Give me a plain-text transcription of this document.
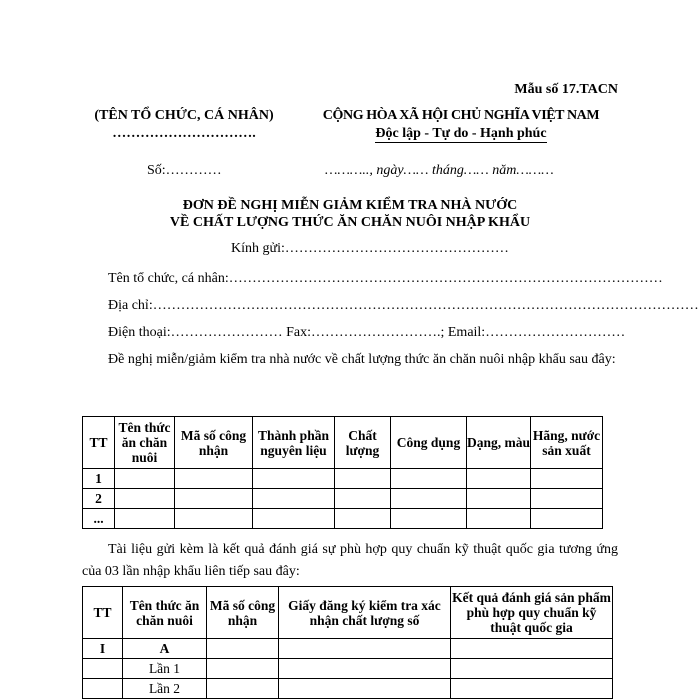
Mẫu số 17.TACN
(TÊN TỔ CHỨC, CÁ NHÂN)
………………………….
CỘNG HÒA XÃ HỘI CHỦ NGHĨA VIỆT NAM
Độc lập - Tự do - Hạnh phúc
Số:…………	……….., ngày…… tháng…… năm………
ĐƠN ĐỀ NGHỊ MIỄN GIẢM KIỂM TRA NHÀ NƯỚC
VỀ CHẤT LƯỢNG THỨC ĂN CHĂN NUÔI NHẬP KHẨU
Kính gửi:…………………………………………
Tên tổ chức, cá nhân:…………………………………………………………………………………
Địa chỉ:………………………………………………………………………………………………………
Điện thoại:…………………… Fax:……………………….; Email:…………………………
Đề nghị miễn/giảm kiểm tra nhà nước về chất lượng thức ăn chăn nuôi nhập khẩu sau đây:
TT	Tên thức ăn chăn nuôi	Mã số công nhận	Thành phần nguyên liệu	Chất lượng	Công dụng	Dạng, màu	Hãng, nước sản xuất
1							
2							
...							
Tài liệu gửi kèm là kết quả đánh giá sự phù hợp quy chuẩn kỹ thuật quốc gia tương ứng của 03 lần nhập khẩu liên tiếp sau đây:
TT	Tên thức ăn chăn nuôi	Mã số công nhận	Giấy đăng ký kiểm tra xác nhận chất lượng số	Kết quả đánh giá sản phẩm phù hợp quy chuẩn kỹ thuật quốc gia
I	A			
	Lần 1			
	Lần 2			
